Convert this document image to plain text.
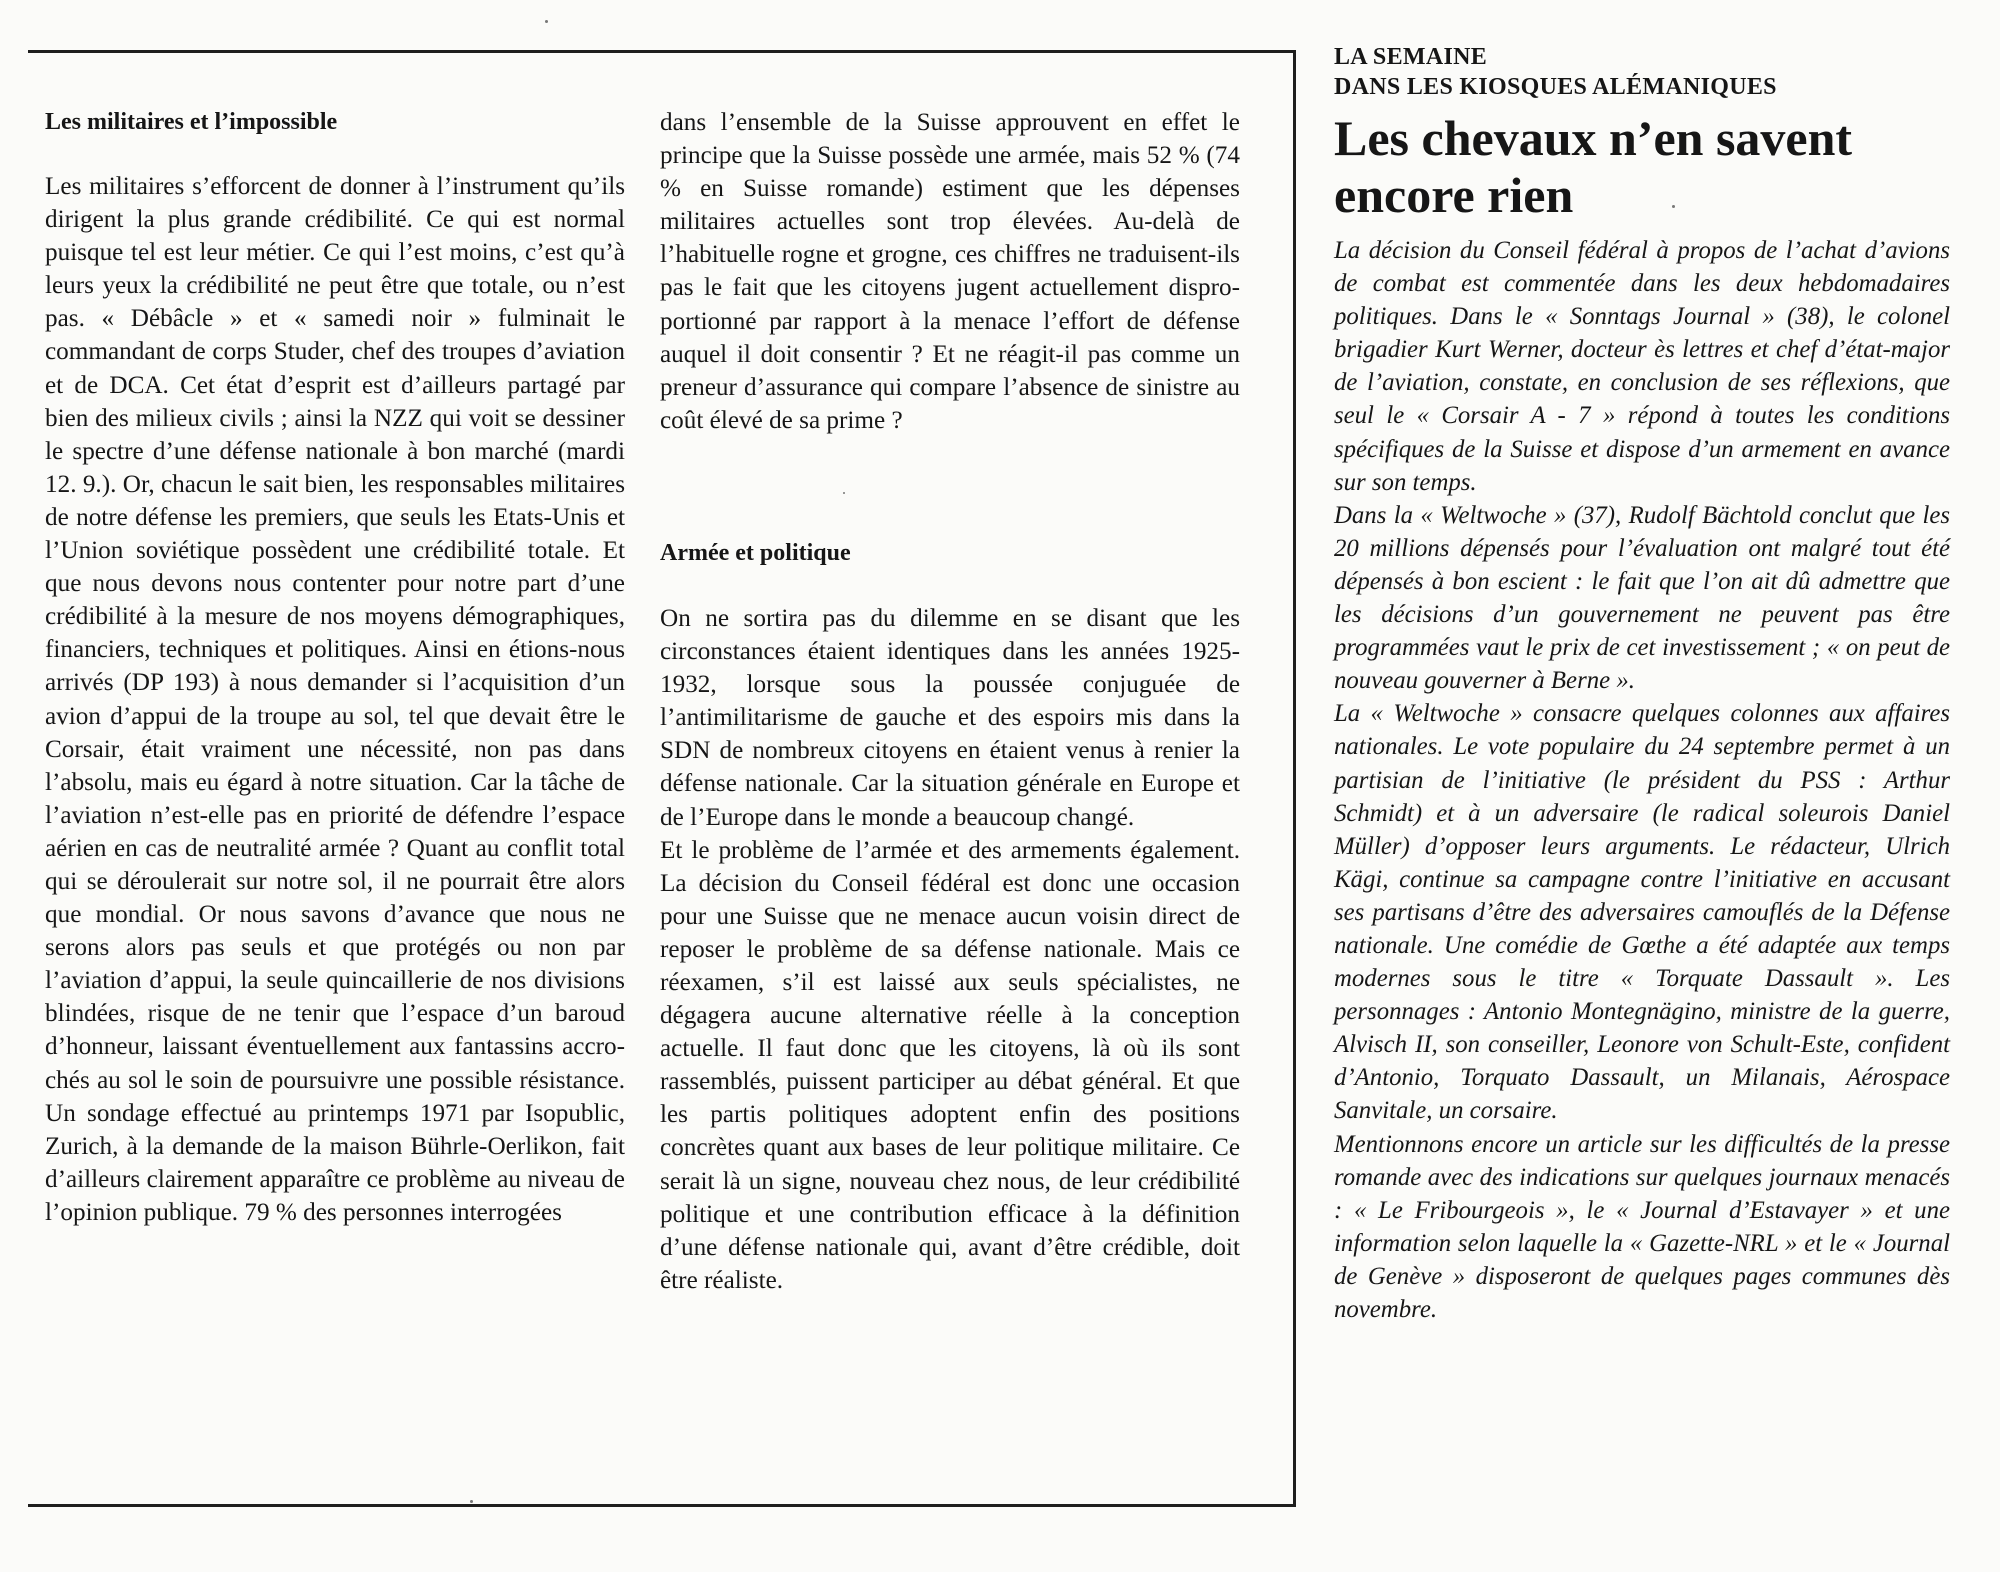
Les militaires et l’impossible

Les militaires s’efforcent de donner à l’instrument qu’ils dirigent la plus grande crédibilité. Ce qui est normal puisque tel est leur métier. Ce qui l’est moins, c’est qu’à leurs yeux la crédibilité ne peut être que totale, ou n’est pas. « Débâcle » et « samedi noir » fulminait le commandant de corps Studer, chef des troupes d’aviation et de DCA. Cet état d’esprit est d’ailleurs partagé par bien des milieux civils ; ainsi la NZZ qui voit se dessiner le spectre d’une défense nationale à bon marché (mardi 12. 9.). Or, chacun le sait bien, les responsables militaires de notre défense les premiers, que seuls les Etats-Unis et l’Union soviétique possèdent une crédibilité totale. Et que nous devons nous contenter pour notre part d’une crédibilité à la mesure de nos moyens démographiques, financiers, techniques et politiques. Ainsi en étions-nous arrivés (DP 193) à nous demander si l’acquisition d’un avion d’appui de la troupe au sol, tel que devait être le Corsair, était vraiment une nécessité, non pas dans l’absolu, mais eu égard à notre situation. Car la tâche de l’aviation n’est-elle pas en priorité de défendre l’espace aérien en cas de neutralité armée ? Quant au conflit total qui se déroulerait sur notre sol, il ne pourrait être alors que mondial. Or nous savons d’avance que nous ne serons alors pas seuls et que protégés ou non par l’aviation d’appui, la seule quincaillerie de nos divisions blindées, risque de ne tenir que l’espace d’un baroud d’honneur, laissant éventuellement aux fantassins accrochés au sol le soin de poursuivre une possible résistance. Un sondage effectué au printemps 1971 par Isopublic, Zurich, à la demande de la maison Bührle-Oerlikon, fait d’ailleurs clairement apparaître ce problème au niveau de l’opinion publique. 79 % des personnes interrogées

dans l’ensemble de la Suisse approuvent en effet le principe que la Suisse possède une armée, mais 52 % (74 % en Suisse romande) estiment que les dépenses militaires actuelles sont trop élevées. Au-delà de l’habituelle rogne et grogne, ces chiffres ne traduisent-ils pas le fait que les citoyens jugent actuellement disproportionné par rapport à la menace l’effort de défense auquel il doit consentir ? Et ne réagit-il pas comme un preneur d’assurance qui compare l’absence de sinistre au coût élevé de sa prime ?

Armée et politique

On ne sortira pas du dilemme en se disant que les circonstances étaient identiques dans les années 1925-1932, lorsque sous la poussée conjuguée de l’antimilitarisme de gauche et des espoirs mis dans la SDN de nombreux citoyens en étaient venus à renier la défense nationale. Car la situation générale en Europe et de l’Europe dans le monde a beaucoup changé.

Et le problème de l’armée et des armements également. La décision du Conseil fédéral est donc une occasion pour une Suisse que ne menace aucun voisin direct de reposer le problème de sa défense nationale. Mais ce réexamen, s’il est laissé aux seuls spécialistes, ne dégagera aucune alternative réelle à la conception actuelle. Il faut donc que les citoyens, là où ils sont rassemblés, puissent participer au débat général. Et que les partis politiques adoptent enfin des positions concrètes quant aux bases de leur politique militaire. Ce serait là un signe, nouveau chez nous, de leur crédibilité politique et une contribution efficace à la définition d’une défense nationale qui, avant d’être crédible, doit être réaliste.

LA SEMAINE
DANS LES KIOSQUES ALÉMANIQUES

Les chevaux n’en savent encore rien

La décision du Conseil fédéral à propos de l’achat d’avions de combat est commentée dans les deux hebdomadaires politiques. Dans le « Sonntags Journal » (38), le colonel brigadier Kurt Werner, docteur ès lettres et chef d’état-major de l’aviation, constate, en conclusion de ses réflexions, que seul le « Corsair A - 7 » répond à toutes les conditions spécifiques de la Suisse et dispose d’un armement en avance sur son temps.

Dans la « Weltwoche » (37), Rudolf Bächtold conclut que les 20 millions dépensés pour l’évaluation ont malgré tout été dépensés à bon escient : le fait que l’on ait dû admettre que les décisions d’un gouvernement ne peuvent pas être programmées vaut le prix de cet investissement ; « on peut de nouveau gouverner à Berne ».

La « Weltwoche » consacre quelques colonnes aux affaires nationales. Le vote populaire du 24 septembre permet à un partisian de l’initiative (le président du PSS : Arthur Schmidt) et à un adversaire (le radical soleurois Daniel Müller) d’opposer leurs arguments. Le rédacteur, Ulrich Kägi, continue sa campagne contre l’initiative en accusant ses partisans d’être des adversaires camouflés de la Défense nationale. Une comédie de Gœthe a été adaptée aux temps modernes sous le titre « Torquate Dassault ». Les personnages : Antonio Montegnägino, ministre de la guerre, Alvisch II, son conseiller, Leonore von Schult-Este, confident d’Antonio, Torquato Dassault, un Milanais, Aérospace Sanvitale, un corsaire.

Mentionnons encore un article sur les difficultés de la presse romande avec des indications sur quelques journaux menacés : « Le Fribourgeois », le « Journal d’Estavayer » et une information selon laquelle la « Gazette-NRL » et le « Journal de Genève » disposeront de quelques pages communes dès novembre.
